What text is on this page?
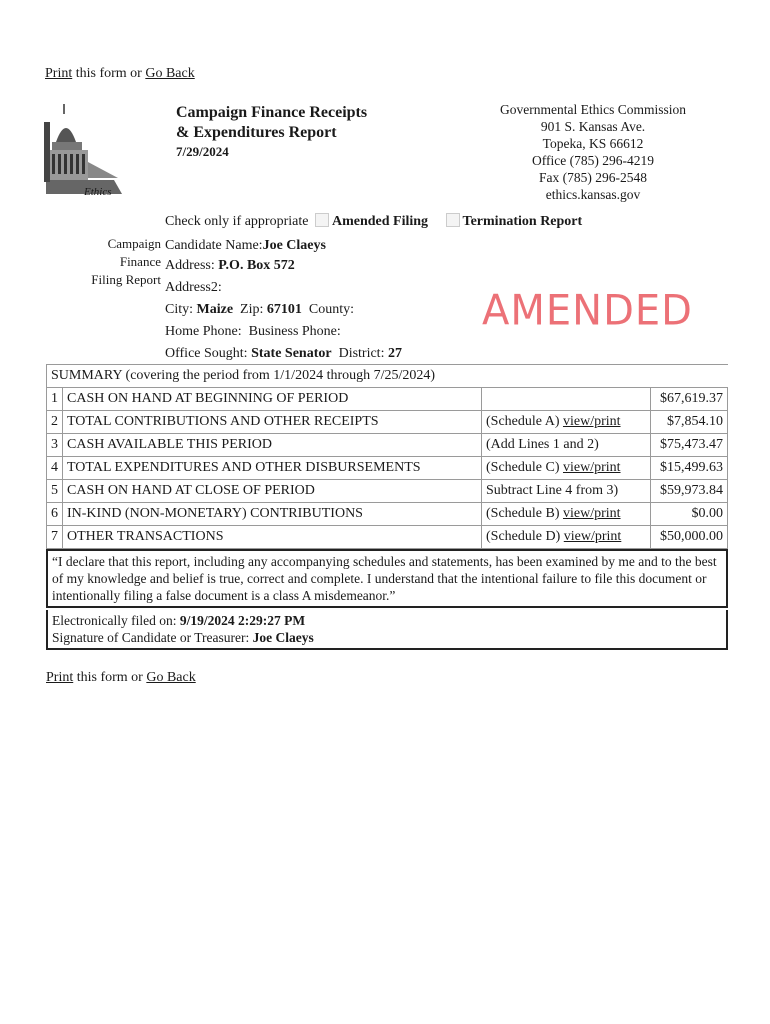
Print this form or Go Back
Ethics
Campaign Finance Receipts
& Expenditures Report
7/29/2024
Governmental Ethics Commission
901 S. Kansas Ave.
Topeka, KS 66612
Office (785) 296-4219
Fax (785) 296-2548
ethics.kansas.gov
Check only if appropriate Amended Filing Termination Report
Campaign
Finance
Filing Report
Candidate Name:Joe Claeys
Address: P.O. Box 572
Address2:
City: Maize Zip: 67101 County:
Home Phone: Business Phone:
Office Sought: State Senator District: 27
AMENDED
SUMMARY (covering the period from 1/1/2024 through 7/25/2024)			
1	CASH ON HAND AT BEGINNING OF PERIOD		$67,619.37
2	TOTAL CONTRIBUTIONS AND OTHER RECEIPTS	(Schedule A) view/print	$7,854.10
3	CASH AVAILABLE THIS PERIOD	(Add Lines 1 and 2)	$75,473.47
4	TOTAL EXPENDITURES AND OTHER DISBURSEMENTS	(Schedule C) view/print	$15,499.63
5	CASH ON HAND AT CLOSE OF PERIOD	Subtract Line 4 from 3)	$59,973.84
6	IN-KIND (NON-MONETARY) CONTRIBUTIONS	(Schedule B) view/print	$0.00
7	OTHER TRANSACTIONS	(Schedule D) view/print	$50,000.00
“I declare that this report, including any accompanying schedules and statements, has been examined by me and to the best of my knowledge and belief is true, correct and complete. I understand that the intentional failure to file this document or intentionally filing a false document is a class A misdemeanor.”
Electronically filed on: 9/19/2024 2:29:27 PM
Signature of Candidate or Treasurer: Joe Claeys
Print this form or Go Back
